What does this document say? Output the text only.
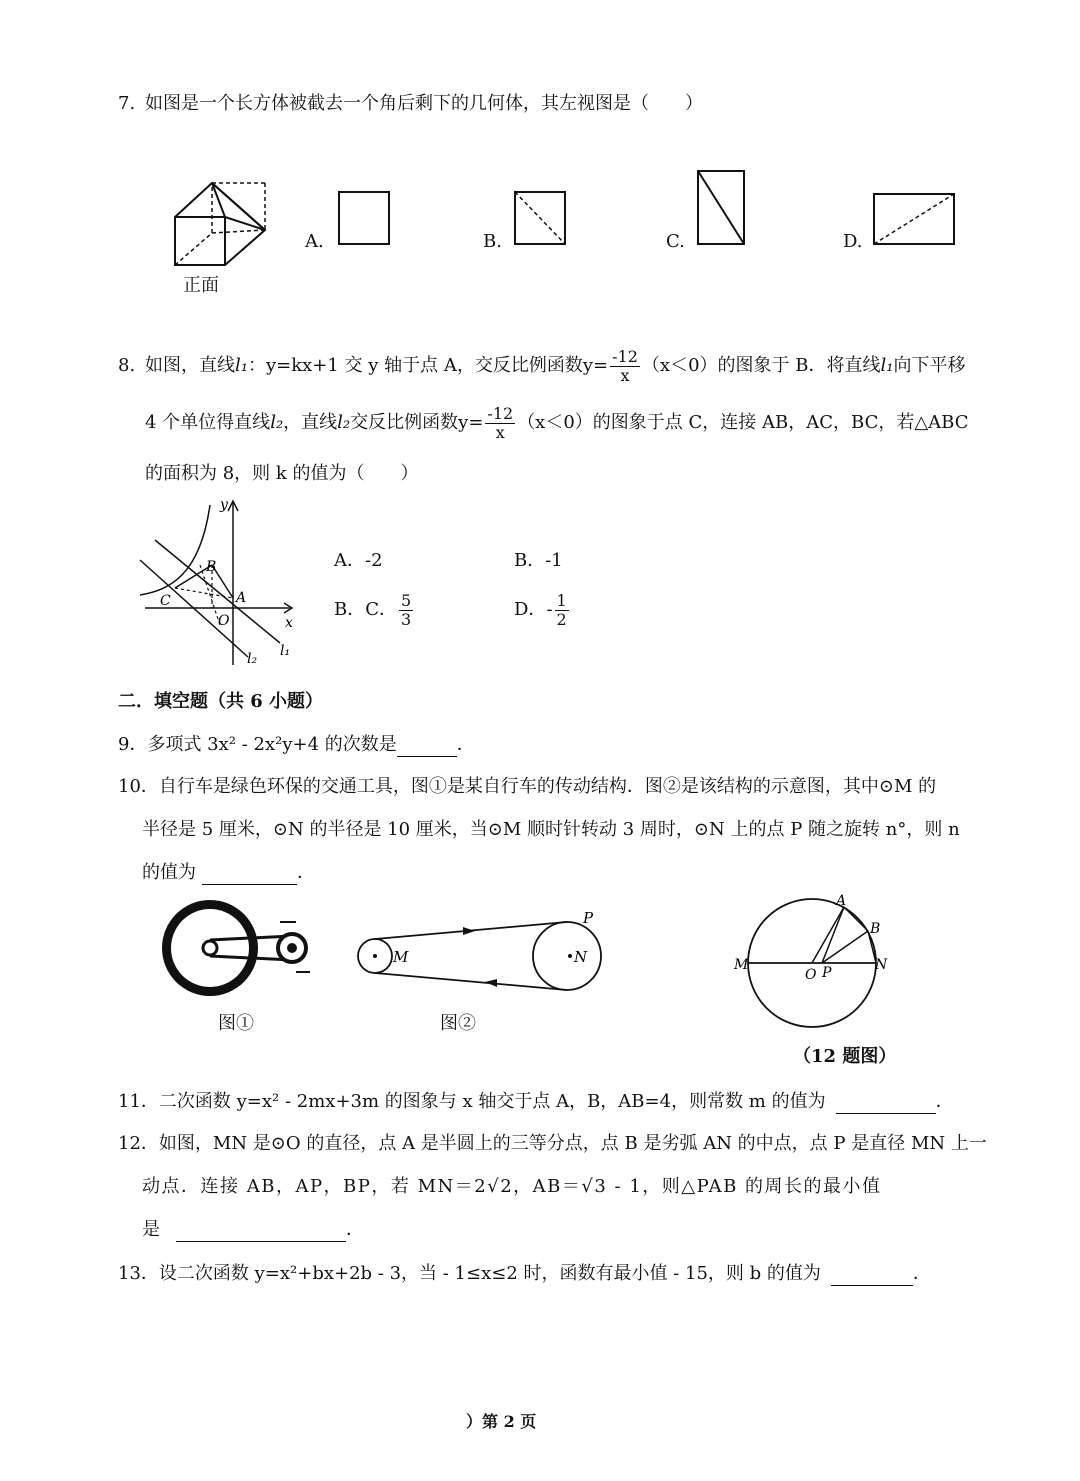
7. 如图是一个长方体被截去一个角后剩下的几何体，其左视图是（　　）
正面
A.	B.	C.	D.
8. 如图，直线l₁：y=kx+1 交 y 轴于点 A，交反比例函数$y= \frac{-12}{x} (x<0)$的图象于 B．将直线l₁向下平移
4 个单位得直线l₂，直线l₂交反比例函数$y= \frac{-12}{x} (x<0)$的图象于点 C，连接 AB，AC，BC，若△ABC
的面积为 8，则 k 的值为（　　）
y
x
B
A
C
O
l₁
l₂
A．-2	B．-1
B．C． $\frac{5}{3}$	D．- $\frac{1}{2}$
二．填空题（共 6 小题）
9．多项式 3x² - 2x²y+4 的次数是	．
10．自行车是绿色环保的交通工具，图①是某自行车的传动结构．图②是该结构的示意图，其中⊙M 的
半径是 5 厘米，⊙N 的半径是 10 厘米，当⊙M 顺时针转动 3 周时，⊙N 上的点 P 随之旋转 n°，则 n
的值为	．
图①
M	N
P
图②
A
B
M	N
O P
（12 题图）
11．二次函数 y=x² - 2mx+3m 的图象与 x 轴交于点 A，B，AB=4，则常数 m 的值为	．
12．如图，MN 是⊙O 的直径，点 A 是半圆上的三等分点，点 B 是劣弧 AN 的中点，点 P 是直径 MN 上一
动点．连接 AB，AP，BP，若 MN＝2√2，AB＝√3 - 1，则△PAB 的周长的最小值
是	．
13．设二次函数 y=x²+bx+2b - 3，当 - 1≤x≤2 时，函数有最小值 - 15，则 b 的值为	．
）第 2 页
